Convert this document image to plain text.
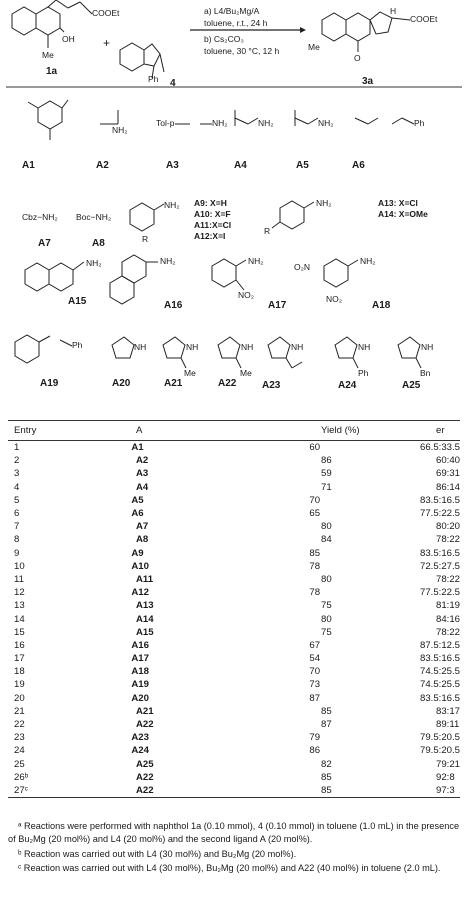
COOEt
OH
Me
1a
+
Ph 4
a) L4/Bu₂Mg/A
toluene, r.t., 24 h
b) Cs₂CO₃
toluene, 30 °C, 12 h	Me
O
H
COOEt
3a
A1
NH₂
A2
Tol-p	NH₂
A3
NH₂
A4
NH₂
A5
Ph
A6
Cbz−NH₂
A7
Boc−NH₂
A8
NH₂
R
A9: X=H
A10: X=F
A11:X=Cl
A12:X=I	R
NH₂	A13: X=Cl
A14: X=OMe
NH₂
A15
NH₂
A16
NH₂
NO₂
A17
O₂N
NH₂
NO₂
A18
Ph
A19
NH
A20
NH
Me
A21
NH
Me
A22
NH
A23
NH
Ph
A24
NH
Bn
A25
Entry	A	Yield (%)	er
1	A1	60	66.5:33.5
2	A2	86	60:40
3	A3	59	69:31
4	A4	71	86:14
5	A5	70	83.5:16.5
6	A6	65	77.5:22.5
7	A7	80	80:20
8	A8	84	78:22
9	A9	85	83.5:16.5
10	A10	78	72.5:27.5
11	A11	80	78:22
12	A12	78	77.5:22.5
13	A13	75	81:19
14	A14	80	84:16
15	A15	75	78:22
16	A16	67	87.5:12.5
17	A17	54	83.5:16.5
18	A18	70	74.5:25.5
19	A19	73	74.5:25.5
20	A20	87	83.5:16.5
21	A21	85	83:17
22	A22	87	89:11
23	A23	79	79.5:20.5
24	A24	86	79.5:20.5
25	A25	82	79:21
26ᵇ	A22	85	92:8
27ᶜ	A22	85	97:3

ᵃ Reactions were performed with naphthol 1a (0.10 mmol), 4 (0.10 mmol) in toluene (1.0 mL) in the presence of Bu₂Mg (20 mol%) and L4 (20 mol%) and the second ligand A (20 mol%).

ᵇ Reaction was carried out with L4 (30 mol%) and Bu₂Mg (20 mol%).

ᶜ Reaction was carried out with L4 (30 mol%), Bu₂Mg (20 mol%) and A22 (40 mol%) in toluene (2.0 mL).
